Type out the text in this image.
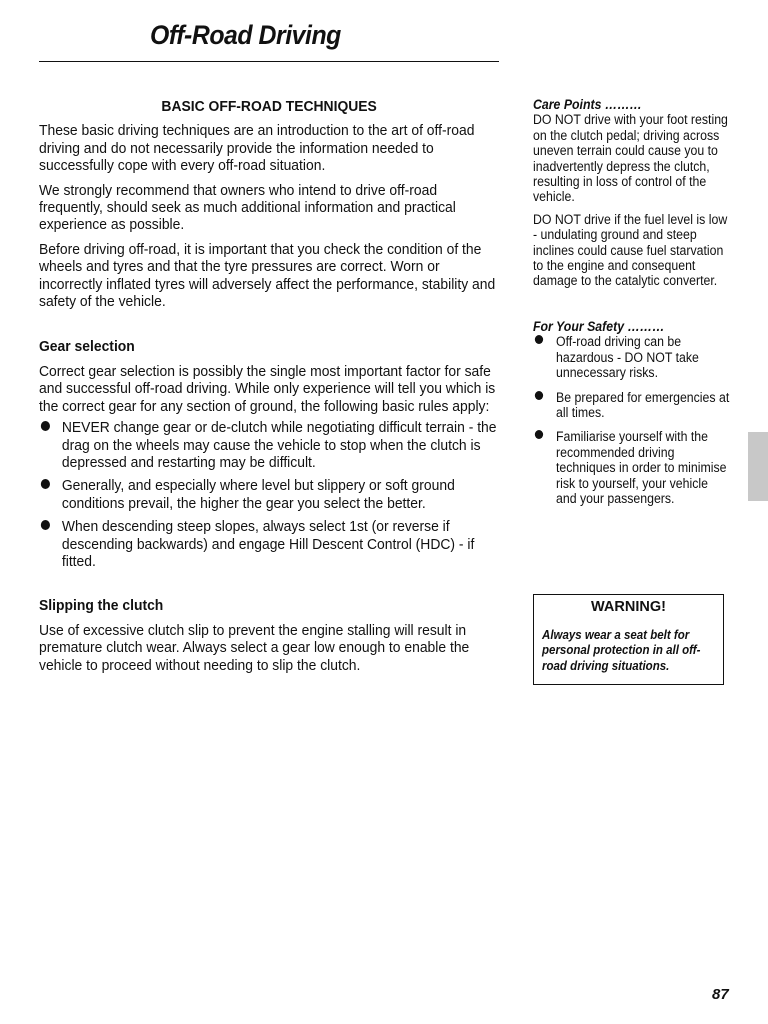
Off-Road Driving

BASIC OFF-ROAD TECHNIQUES

These basic driving techniques are an introduction to the art of off-road driving and do not necessarily provide the information needed to successfully cope with every off-road situation.

We strongly recommend that owners who intend to drive off-road frequently, should seek as much additional information and practical experience as possible.

Before driving off-road, it is important that you check the condition of the wheels and tyres and that the tyre pressures are correct. Worn or incorrectly inflated tyres will adversely affect the performance, stability and safety of the vehicle.

Gear selection

Correct gear selection is possibly the single most important factor for safe and successful off-road driving. While only experience will tell you which is the correct gear for any section of ground, the following basic rules apply:

NEVER change gear or de-clutch while negotiating difficult terrain - the drag on the wheels may cause the vehicle to stop when the clutch is depressed and restarting may be difficult.
Generally, and especially where level but slippery or soft ground conditions prevail, the higher the gear you select the better.
When descending steep slopes, always select 1st (or reverse if descending backwards) and engage Hill Descent Control (HDC) - if fitted.

Slipping the clutch

Use of excessive clutch slip to prevent the engine stalling will result in premature clutch wear. Always select a gear low enough to enable the vehicle to proceed without needing to slip the clutch.

Care Points ………

DO NOT drive with your foot resting on the clutch pedal; driving across uneven terrain could cause you to inadvertently depress the clutch, resulting in loss of control of the vehicle.

DO NOT drive if the fuel level is low - undulating ground and steep inclines could cause fuel starvation to the engine and consequent damage to the catalytic converter.

For Your Safety ………

Off-road driving can be hazardous - DO NOT take unnecessary risks.
Be prepared for emergencies at all times.
Familiarise yourself with the recommended driving techniques in order to minimise risk to yourself, your vehicle and your passengers.
WARNING!
Always wear a seat belt for personal protection in all off-road driving situations.
87
